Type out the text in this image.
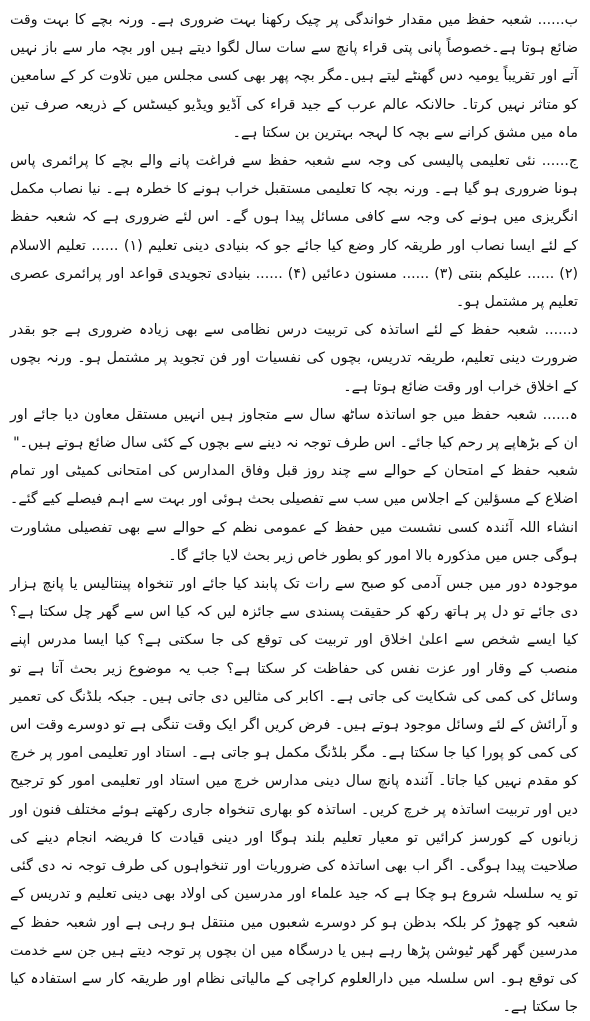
ب...... شعبہ حفظ میں مقدار خواندگی پر چیک رکھنا بہت ضروری ہے۔ ورنہ بچے کا بہت وقت ضائع ہوتا ہے۔خصوصاً پانی پتی قراء پانچ سے سات سال لگوا دیتے ہیں اور بچہ مار سے باز نہیں آتے اور تقریباً یومیہ دس گھنٹے لیتے ہیں۔مگر بچہ پھر بھی کسی مجلس میں تلاوت کر کے سامعین کو متاثر نہیں کرتا۔ حالانکہ عالم عرب کے جید قراء کی آڈیو ویڈیو کیسٹس کے ذریعہ صرف تین ماہ میں مشق کرانے سے بچہ کا لہجہ بہترین بن سکتا ہے۔

ج...... نئی تعلیمی پالیسی کی وجہ سے شعبہ حفظ سے فراغت پانے والے بچے کا پرائمری پاس ہونا ضروری ہو گیا ہے۔ ورنہ بچہ کا تعلیمی مستقبل خراب ہونے کا خطرہ ہے۔ نیا نصاب مکمل انگریزی میں ہونے کی وجہ سے کافی مسائل پیدا ہوں گے۔ اس لئے ضروری ہے کہ شعبہ حفظ کے لئے ایسا نصاب اور طریقہ کار وضع کیا جائے جو کہ بنیادی دینی تعلیم (۱) ...... تعلیم الاسلام (۲) ...... علیکم بنتی (۳) ...... مسنون دعائیں (۴) ...... بنیادی تجویدی قواعد اور پرائمری عصری تعلیم پر مشتمل ہو۔

د...... شعبہ حفظ کے لئے اساتذہ کی تربیت درس نظامی سے بھی زیادہ ضروری ہے جو بقدر ضرورت دینی تعلیم، طریقہ تدریس، بچوں کی نفسیات اور فن تجوید پر مشتمل ہو۔ ورنہ بچوں کے اخلاق خراب اور وقت ضائع ہوتا ہے۔

ہ...... شعبہ حفظ میں جو اساتذہ ساٹھ سال سے متجاوز ہیں انہیں مستقل معاون دیا جائے اور ان کے بڑھاپے پر رحم کیا جائے۔ اس طرف توجہ نہ دینے سے بچوں کے کئی سال ضائع ہوتے ہیں۔"

شعبہ حفظ کے امتحان کے حوالے سے چند روز قبل وفاق المدارس کی امتحانی کمیٹی اور تمام اضلاع کے مسؤلین کے اجلاس میں سب سے تفصیلی بحث ہوئی اور بہت سے اہم فیصلے کیے گئے۔ انشاء اللہ آئندہ کسی نشست میں حفظ کے عمومی نظم کے حوالے سے بھی تفصیلی مشاورت ہوگی جس میں مذکورہ بالا امور کو بطور خاص زیر بحث لایا جائے گا۔

موجودہ دور میں جس آدمی کو صبح سے رات تک پابند کیا جائے اور تنخواہ پینتالیس یا پانچ ہزار دی جائے تو دل پر ہاتھ رکھ کر حقیقت پسندی سے جائزہ لیں کہ کیا اس سے گھر چل سکتا ہے؟ کیا ایسے شخص سے اعلیٰ اخلاق اور تربیت کی توقع کی جا سکتی ہے؟ کیا ایسا مدرس اپنے منصب کے وقار اور عزت نفس کی حفاظت کر سکتا ہے؟ جب یہ موضوع زیر بحث آتا ہے تو وسائل کی کمی کی شکایت کی جاتی ہے۔ اکابر کی مثالیں دی جاتی ہیں۔ جبکہ بلڈنگ کی تعمیر و آرائش کے لئے وسائل موجود ہوتے ہیں۔ فرض کریں اگر ایک وقت تنگی ہے تو دوسرے وقت اس کی کمی کو پورا کیا جا سکتا ہے۔ مگر بلڈنگ مکمل ہو جاتی ہے۔ استاد اور تعلیمی امور پر خرچ کو مقدم نہیں کیا جاتا۔ آئندہ پانچ سال دینی مدارس خرچ میں استاد اور تعلیمی امور کو ترجیح دیں اور تربیت اساتذہ پر خرچ کریں۔ اساتذہ کو بھاری تنخواہ جاری رکھتے ہوئے مختلف فنون اور زبانوں کے کورسز کرائیں تو معیار تعلیم بلند ہوگا اور دینی قیادت کا فریضہ انجام دینے کی صلاحیت پیدا ہوگی۔ اگر اب بھی اساتذہ کی ضروریات اور تنخواہوں کی طرف توجہ نہ دی گئی تو یہ سلسلہ شروع ہو چکا ہے کہ جید علماء اور مدرسین کی اولاد بھی دینی تعلیم و تدریس کے شعبہ کو چھوڑ کر بلکہ بدظن ہو کر دوسرے شعبوں میں منتقل ہو رہی ہے اور شعبہ حفظ کے مدرسین گھر گھر ٹیوشن پڑھا رہے ہیں یا درسگاہ میں ان بچوں پر توجہ دیتے ہیں جن سے خدمت کی توقع ہو۔ اس سلسلہ میں دارالعلوم کراچی کے مالیاتی نظام اور طریقہ کار سے استفادہ کیا جا سکتا ہے۔
